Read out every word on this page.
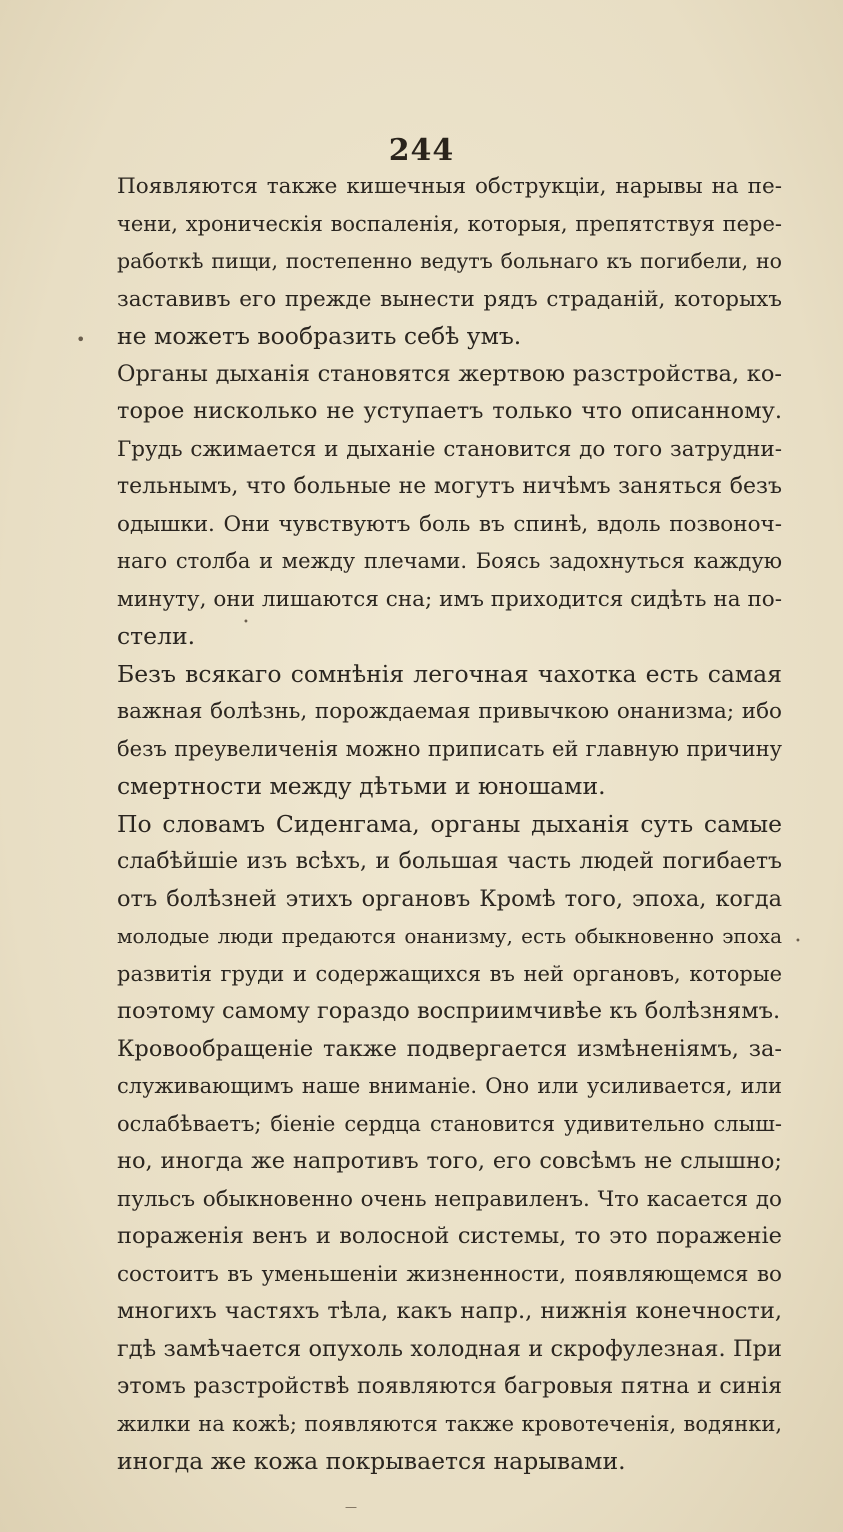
244
Появляются также кишечныя обструкціи, нарывы на пе-
чени, хроническія воспаленія, которыя, препятствуя пере-
работкѣ пищи, постепенно ведутъ больнаго къ погибели, но
заставивъ его прежде вынести рядъ страданій, которыхъ
не можетъ вообразить себѣ умъ.
Органы дыханія становятся жертвою разстройства, ко-
торое нисколько не уступаетъ только что описанному.
Грудь сжимается и дыханіе становится до того затрудни-
тельнымъ, что больные не могутъ ничѣмъ заняться безъ
одышки. Они чувствуютъ боль въ спинѣ, вдоль позвоноч-
наго столба и между плечами. Боясь задохнуться каждую
минуту, они лишаются сна; имъ приходится сидѣть на по-
стели.
Безъ всякаго сомнѣнія легочная чахотка есть самая
важная болѣзнь, порождаемая привычкою онанизма; ибо
безъ преувеличенія можно приписать ей главную причину
смертности между дѣтьми и юношами.
По словамъ Сиденгама, органы дыханія суть самые
слабѣйшіе изъ всѣхъ, и большая часть людей погибаетъ
отъ болѣзней этихъ органовъ Кромѣ того, эпоха, когда
молодые люди предаются онанизму, есть обыкновенно эпоха
развитія груди и содержащихся въ ней органовъ, которые
поэтому самому гораздо восприимчивѣе къ болѣзнямъ.
Кровообращеніе также подвергается измѣненіямъ, за-
служивающимъ наше вниманіе. Оно или усиливается, или
ослабѣваетъ; біеніе сердца становится удивительно слыш-
но, иногда же напротивъ того, его совсѣмъ не слышно;
пульсъ обыкновенно очень неправиленъ. Что касается до
пораженія венъ и волосной системы, то это пораженіе
состоитъ въ уменьшеніи жизненности, появляющемся во
многихъ частяхъ тѣла, какъ напр., нижнія конечности,
гдѣ замѣчается опухоль холодная и скрофулезная. При
этомъ разстройствѣ появляются багровыя пятна и синія
жилки на кожѣ; появляются также кровотеченія, водянки,
иногда же кожа покрывается нарывами.
•
•
•
—
